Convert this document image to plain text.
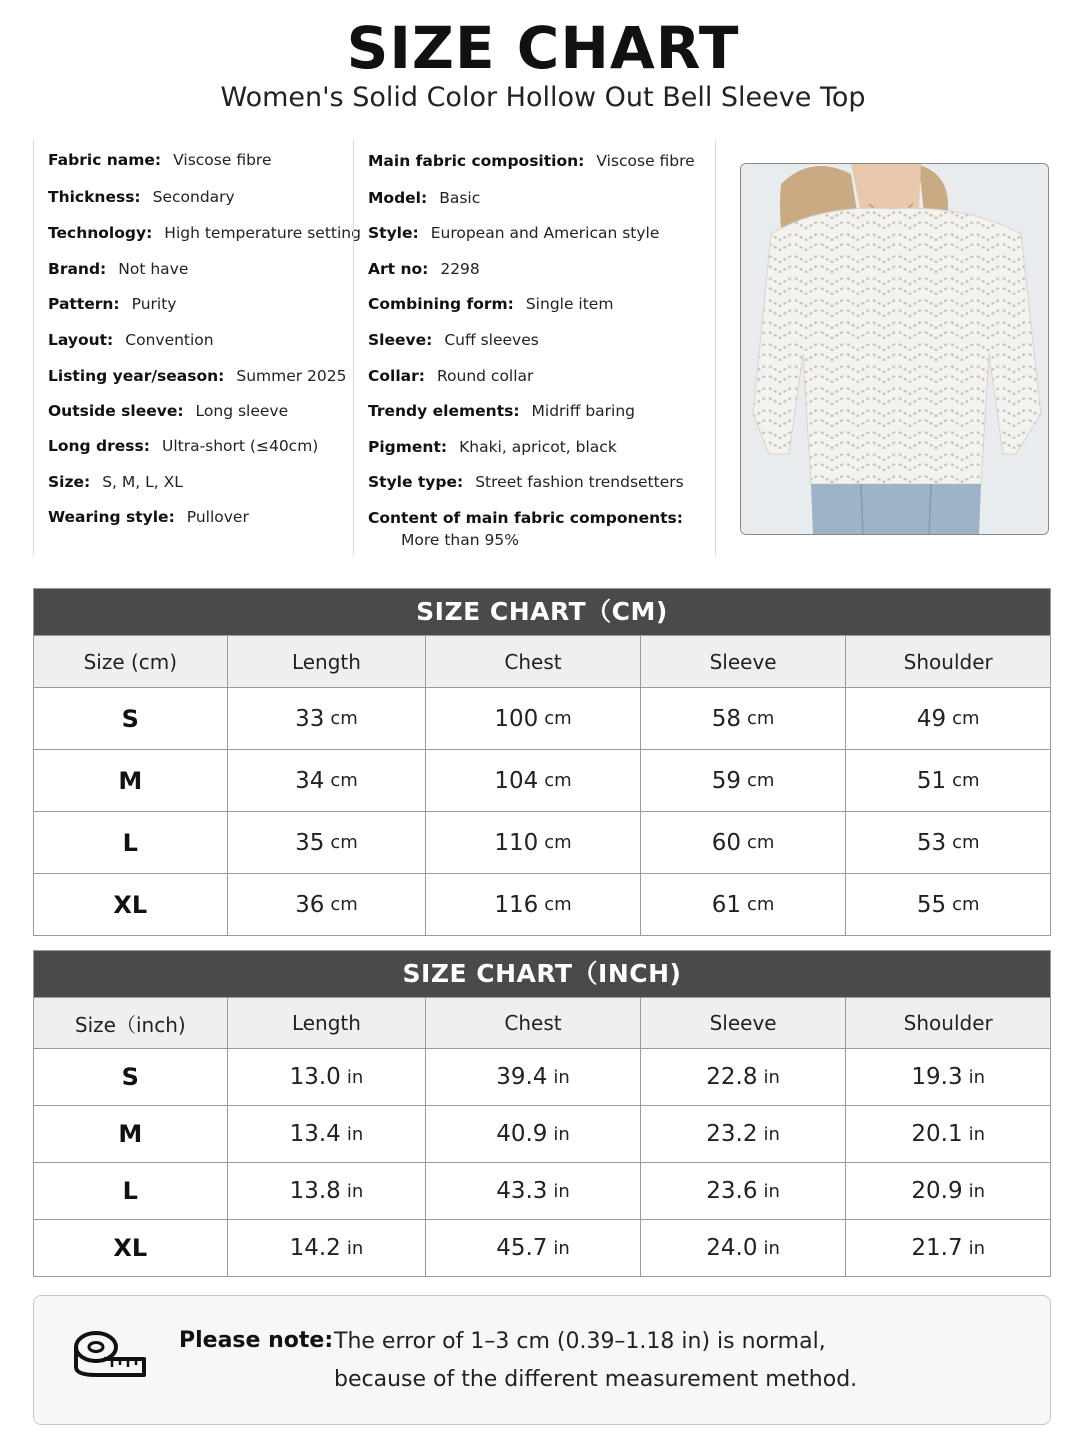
SIZE CHART
Women's Solid Color Hollow Out Bell Sleeve Top
Fabric name: Viscose fibre
Thickness: Secondary
Technology: High temperature setting
Brand: Not have
Pattern: Purity
Layout: Convention
Listing year/season: Summer 2025
Outside sleeve: Long sleeve
Long dress: Ultra-short (≤40cm)
Size: S, M, L, XL
Wearing style: Pullover
Main fabric composition: Viscose fibre
Model: Basic
Style: European and American style
Art no: 2298
Combining form: Single item
Sleeve: Cuff sleeves
Collar: Round collar
Trendy elements: Midriff baring
Pigment: Khaki, apricot, black
Style type: Street fashion trendsetters
Content of main fabric components:
More than 95%
SIZE CHART（CM)
Size (cm)	Length	Chest	Sleeve	Shoulder
S	33 cm	100 cm	58 cm	49 cm
M	34 cm	104 cm	59 cm	51 cm
L	35 cm	110 cm	60 cm	53 cm
XL	36 cm	116 cm	61 cm	55 cm
SIZE CHART（INCH)
Size（inch)	Length	Chest	Sleeve	Shoulder
S	13.0 in	39.4 in	22.8 in	19.3 in
M	13.4 in	40.9 in	23.2 in	20.1 in
L	13.8 in	43.3 in	23.6 in	20.9 in
XL	14.2 in	45.7 in	24.0 in	21.7 in
Please note: The error of 1–3 cm (0.39–1.18 in) is normal,
because of the different measurement method.
